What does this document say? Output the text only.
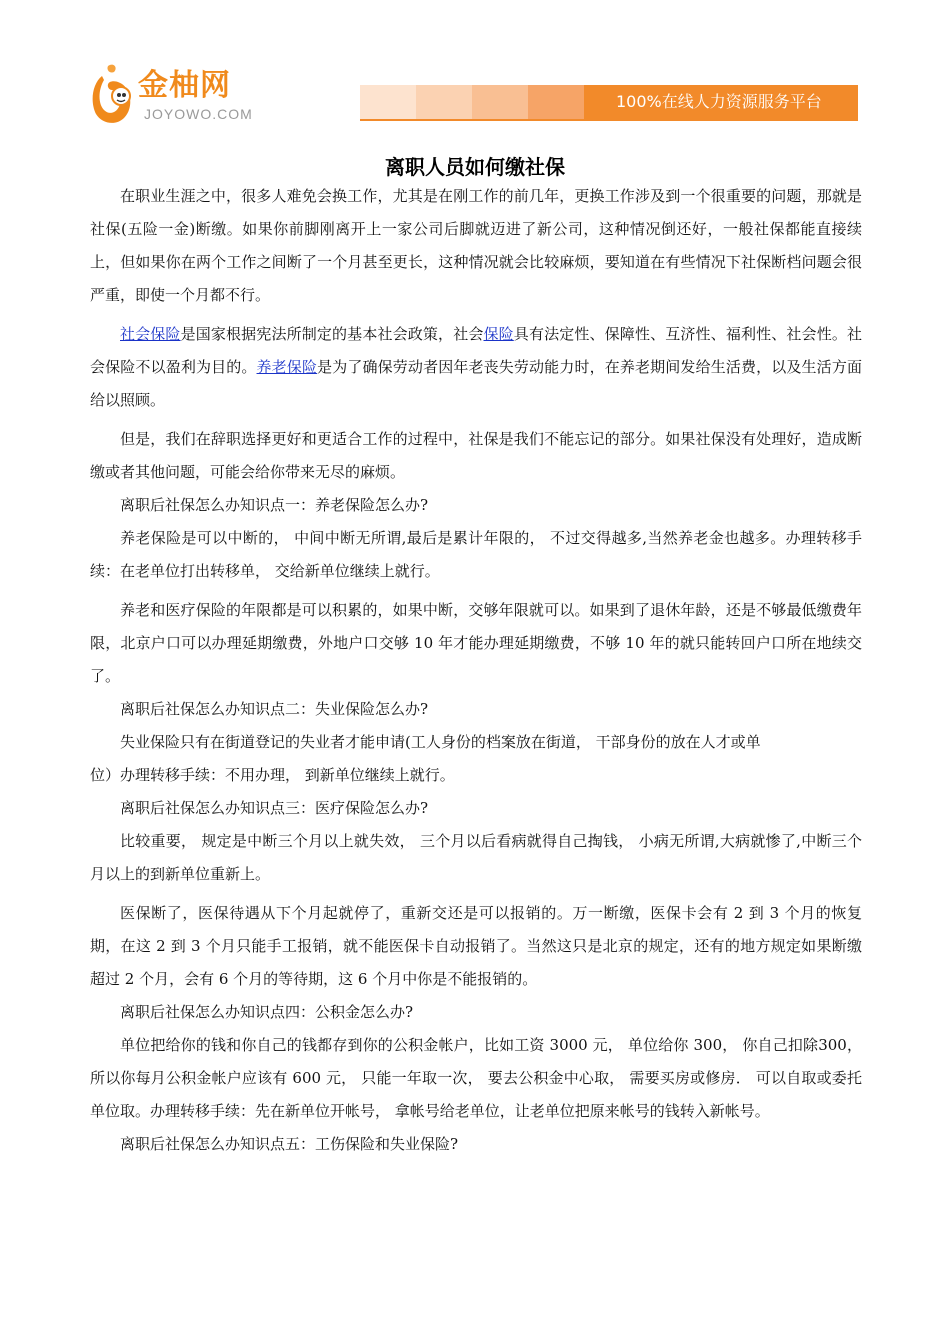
金柚网
JOYOWO.COM
100%在线人力资源服务平台
离职人员如何缴社保

在职业生涯之中，很多人难免会换工作，尤其是在刚工作的前几年，更换工作涉及到一个很重要的问题，那就是社保(五险一金)断缴。如果你前脚刚离开上一家公司后脚就迈进了新公司，这种情况倒还好，一般社保都能直接续上，但如果你在两个工作之间断了一个月甚至更长，这种情况就会比较麻烦，要知道在有些情况下社保断档问题会很严重，即使一个月都不行。

社会保险是国家根据宪法所制定的基本社会政策，社会保险具有法定性、保障性、互济性、福利性、社会性。社会保险不以盈利为目的。养老保险是为了确保劳动者因年老丧失劳动能力时，在养老期间发给生活费，以及生活方面给以照顾。

但是，我们在辞职选择更好和更适合工作的过程中，社保是我们不能忘记的部分。如果社保没有处理好，造成断缴或者其他问题，可能会给你带来无尽的麻烦。

离职后社保怎么办知识点一：养老保险怎么办?

养老保险是可以中断的， 中间中断无所谓,最后是累计年限的， 不过交得越多,当然养老金也越多。办理转移手续：在老单位打出转移单， 交给新单位继续上就行。

养老和医疗保险的年限都是可以积累的，如果中断，交够年限就可以。如果到了退休年龄，还是不够最低缴费年限，北京户口可以办理延期缴费，外地户口交够 10 年才能办理延期缴费，不够 10 年的就只能转回户口所在地续交了。

离职后社保怎么办知识点二：失业保险怎么办?

失业保险只有在街道登记的失业者才能申请(工人身份的档案放在街道， 干部身份的放在人才或单

位）办理转移手续：不用办理， 到新单位继续上就行。

离职后社保怎么办知识点三：医疗保险怎么办?

比较重要， 规定是中断三个月以上就失效， 三个月以后看病就得自己掏钱， 小病无所谓,大病就惨了,中断三个月以上的到新单位重新上。

医保断了，医保待遇从下个月起就停了，重新交还是可以报销的。万一断缴，医保卡会有 2 到 3 个月的恢复期，在这 2 到 3 个月只能手工报销，就不能医保卡自动报销了。当然这只是北京的规定，还有的地方规定如果断缴超过 2 个月，会有 6 个月的等待期，这 6 个月中你是不能报销的。

离职后社保怎么办知识点四：公积金怎么办?

单位把给你的钱和你自己的钱都存到你的公积金帐户，比如工资 3000 元， 单位给你 300， 你自己扣除300， 所以你每月公积金帐户应该有 600 元， 只能一年取一次， 要去公积金中心取， 需要买房或修房． 可以自取或委托单位取。办理转移手续：先在新单位开帐号， 拿帐号给老单位，让老单位把原来帐号的钱转入新帐号。

离职后社保怎么办知识点五：工伤保险和失业保险?
